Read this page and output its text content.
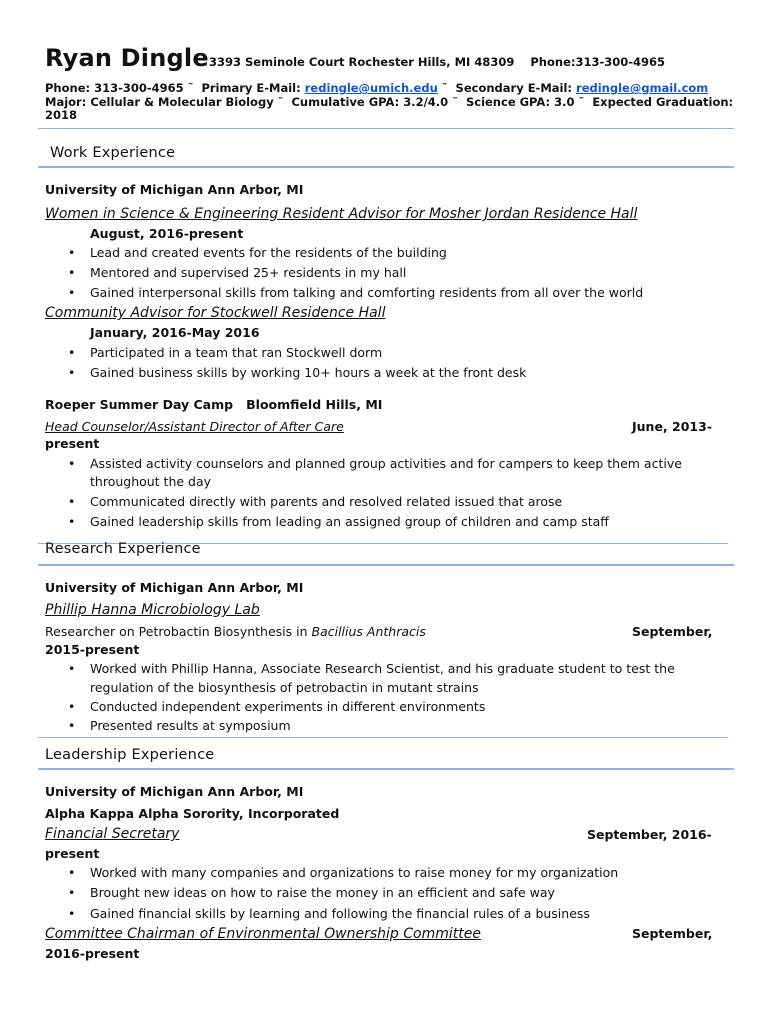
Ryan Dingle 3393 Seminole Court Rochester Hills, MI 48309 Phone:313-300-4965
Phone: 313-300-4965 ˜ Primary E-Mail: redingle@umich.edu ˜ Secondary E-Mail: redingle@gmail.com
Major: Cellular & Molecular Biology ˜ Cumulative GPA: 3.2/4.0 ˜ Science GPA: 3.0 ˜ Expected Graduation:
2018
Work Experience
University of Michigan Ann Arbor, MI
Women in Science & Engineering Resident Advisor for Mosher Jordan Residence Hall
August, 2016-present
• Lead and created events for the residents of the building
• Mentored and supervised 25+ residents in my hall
• Gained interpersonal skills from talking and comforting residents from all over the world
Community Advisor for Stockwell Residence Hall
January, 2016-May 2016
• Participated in a team that ran Stockwell dorm
• Gained business skills by working 10+ hours a week at the front desk
Roeper Summer Day Camp Bloomfield Hills, MI
Head Counselor/Assistant Director of After Care	June, 2013-
present
• Assisted activity counselors and planned group activities and for campers to keep them active
throughout the day
• Communicated directly with parents and resolved related issued that arose
• Gained leadership skills from leading an assigned group of children and camp staff
Research Experience
University of Michigan Ann Arbor, MI
Phillip Hanna Microbiology Lab
Researcher on Petrobactin Biosynthesis in Bacillius Anthracis	September,
2015-present
• Worked with Phillip Hanna, Associate Research Scientist, and his graduate student to test the
regulation of the biosynthesis of petrobactin in mutant strains
• Conducted independent experiments in different environments
• Presented results at symposium
Leadership Experience
University of Michigan Ann Arbor, MI
Alpha Kappa Alpha Sorority, Incorporated
Financial Secretary	September, 2016-
present
• Worked with many companies and organizations to raise money for my organization
• Brought new ideas on how to raise the money in an efficient and safe way
• Gained financial skills by learning and following the financial rules of a business
Committee Chairman of Environmental Ownership Committee	September,
2016-present
